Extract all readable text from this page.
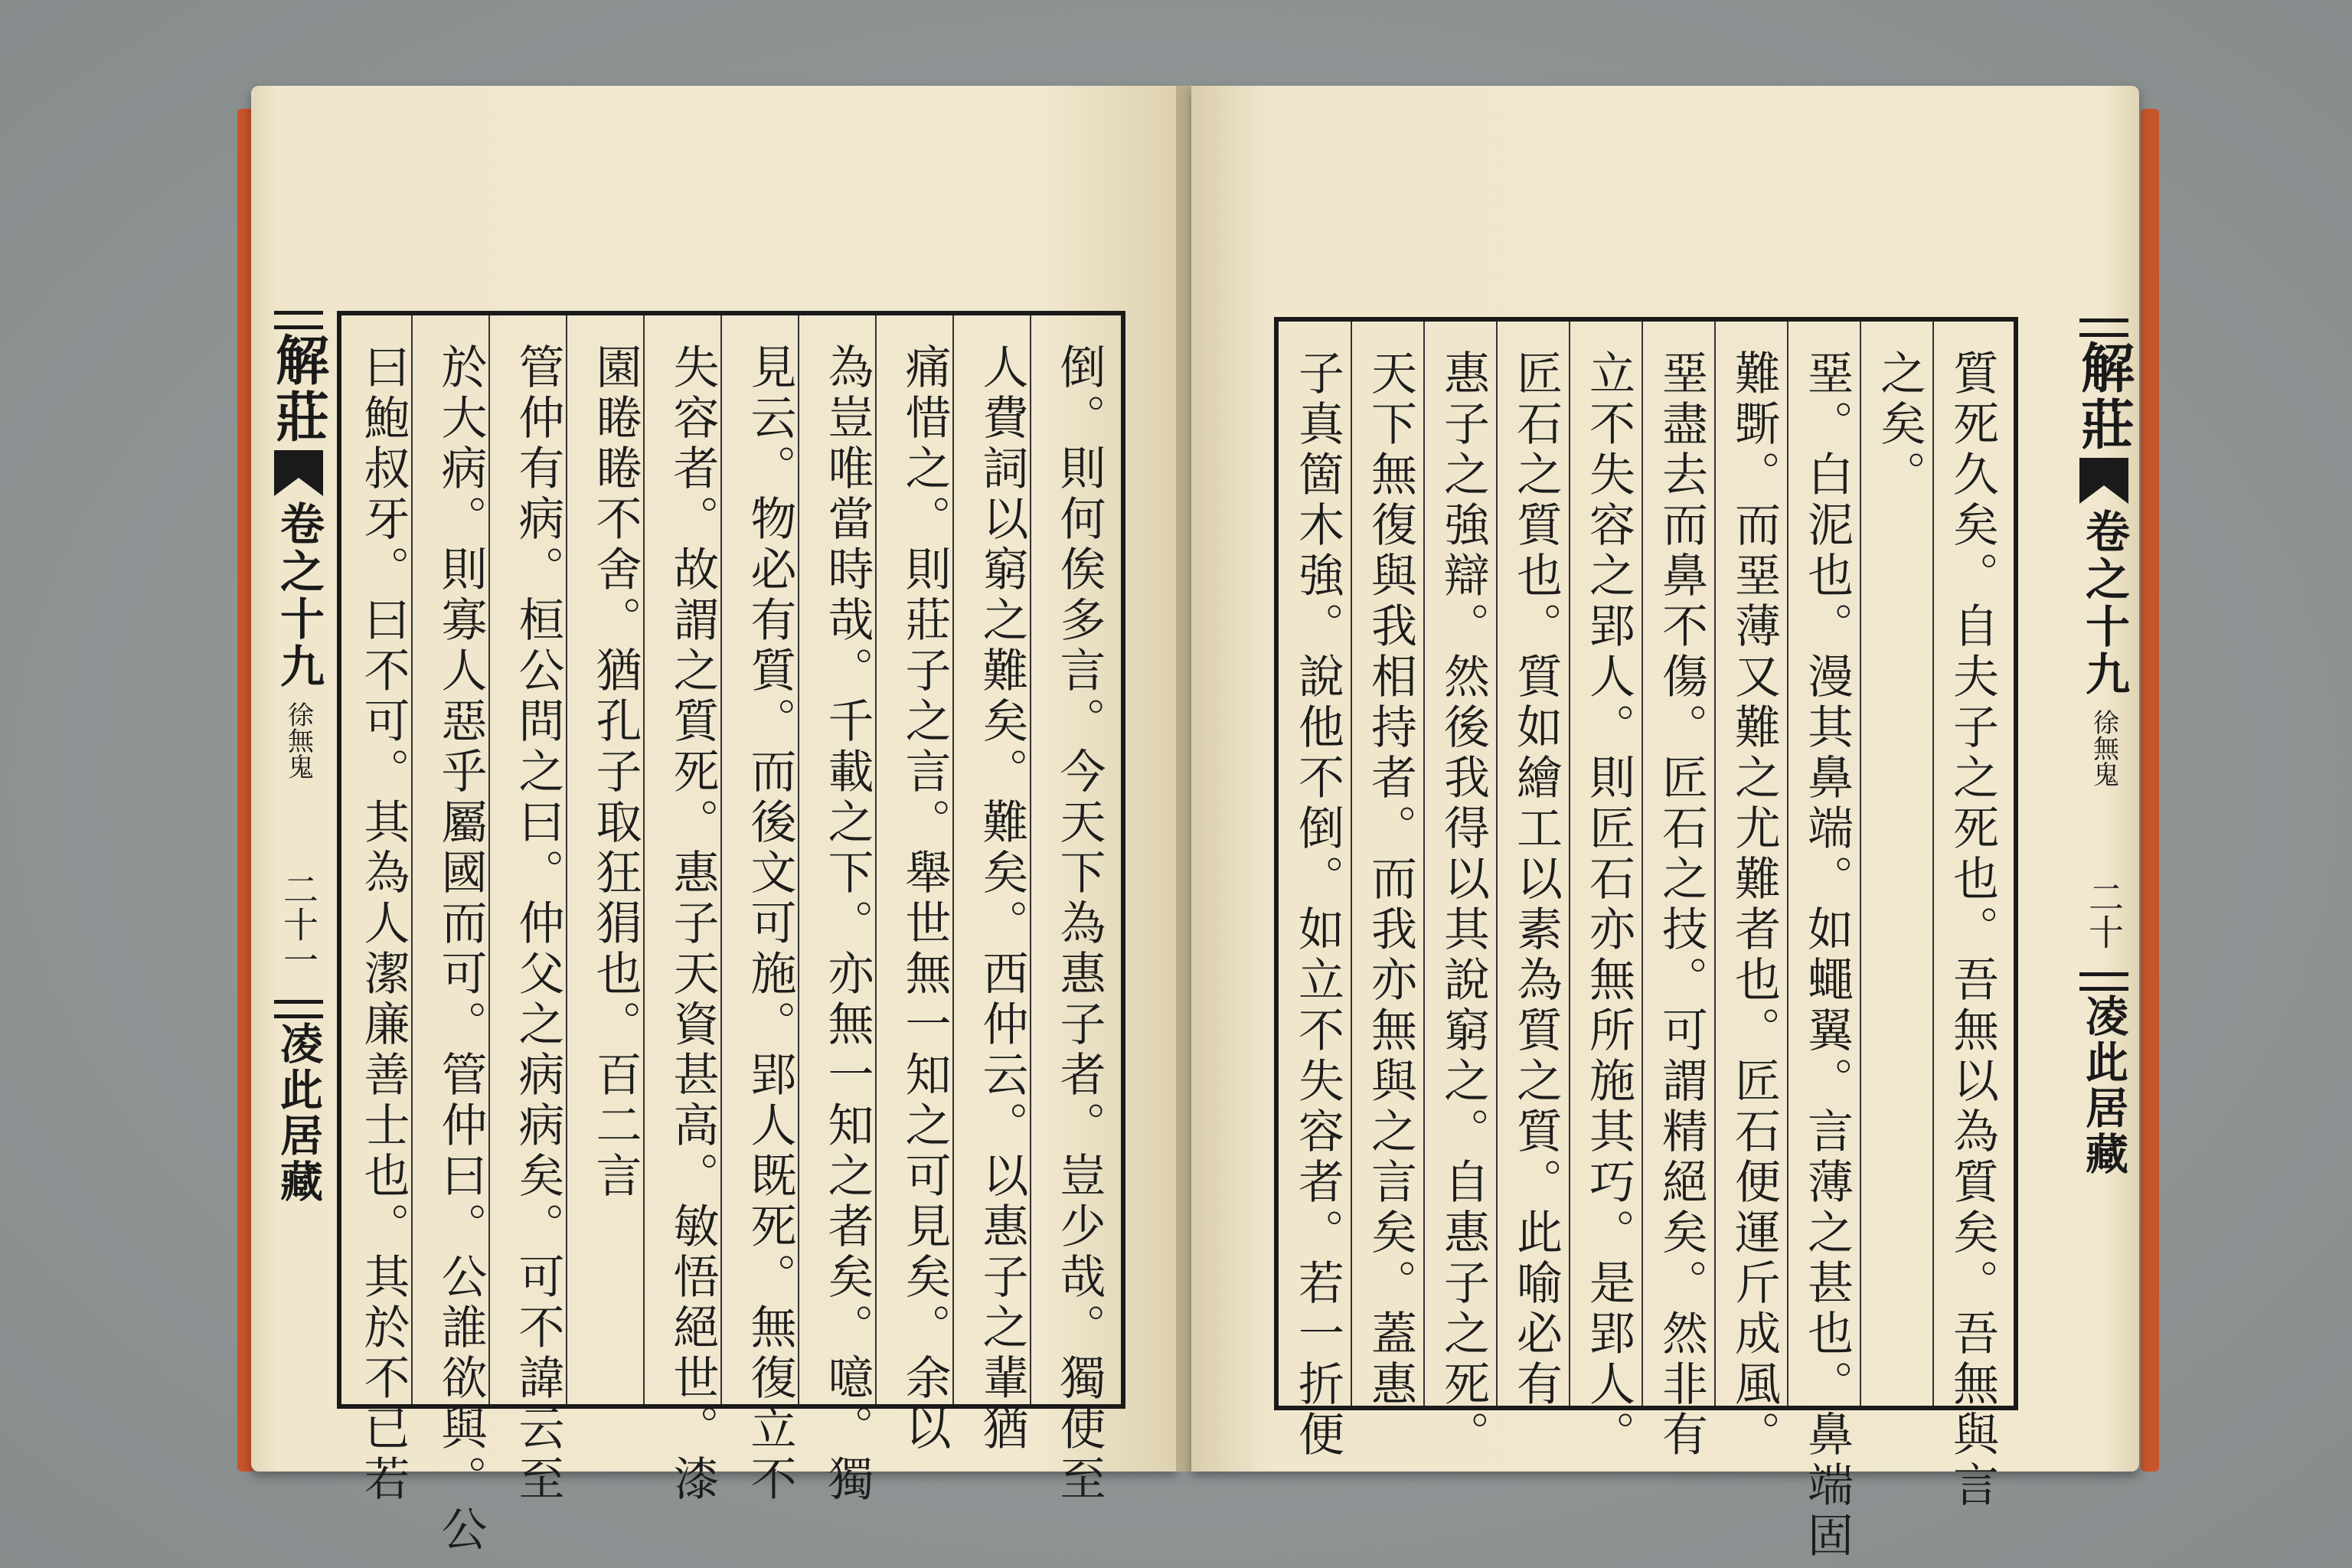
解莊
卷之十九
徐無鬼
二十一
凌此居藏	倒。則何俟多言。今天下為惠子者。豈少哉。獨使至
人費詞以窮之難矣。難矣。西仲云。以惠子之輩猶
痛惜之。則莊子之言。舉世無一知之可見矣。余以
為豈唯當時哉。千載之下。亦無一知之者矣。噫。獨
見云。物必有質。而後文可施。郢人既死。無復立不
失容者。故謂之質死。惠子天資甚高。敏悟絕世。漆
園睠睠不舍。猶孔子取狂狷也。百二言
管仲有病。桓公問之曰。仲父之病病矣。可不諱云至
於大病。則寡人惡乎屬國而可。管仲曰。公誰欲與。公
曰鮑叔牙。曰不可。其為人潔廉善士也。其於不已若	質死久矣。自夫子之死也。吾無以為質矣。吾無與言
之矣。
堊。白泥也。漫其鼻端。如蠅翼。言薄之甚也。鼻端固
難斲。而堊薄又難之尤難者也。匠石便運斤成風。
堊盡去而鼻不傷。匠石之技。可謂精絕矣。然非有
立不失容之郢人。則匠石亦無所施其巧。是郢人。
匠石之質也。質如繪工以素為質之質。此喻必有
惠子之強辯。然後我得以其說窮之。自惠子之死。
天下無復與我相持者。而我亦無與之言矣。蓋惠
子真箇木強。說他不倒。如立不失容者。若一折便	解莊
卷之十九
徐無鬼
二十
凌此居藏
